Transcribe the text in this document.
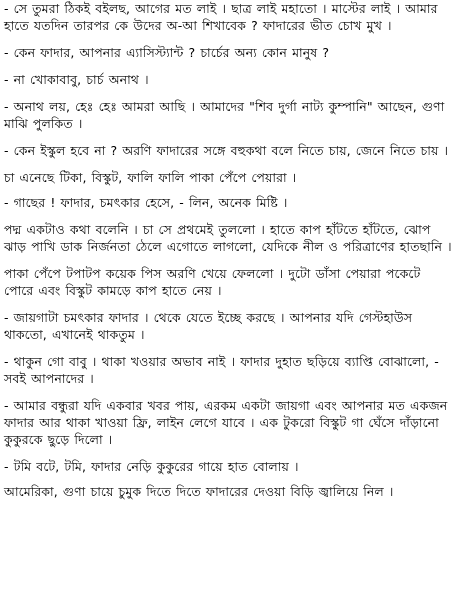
- সে তুমরা ঠিকই বইলছ, আগের মত লাই । ছাত্র লাই মহাতো । মাস্টের লাই । আমার হাতে যতদিন তারপর কে উদের অ-আ শিখাবেক ? ফাদারের ভীত চোখ মুখ ।

- কেন ফাদার, আপনার এ্যাসিস্ট্যান্ট ? চার্চের অন্য কোন মানুষ ?

- না খোকাবাবু, চার্চ অনাথ ।

- অনাথ লয়, হেঃ হেঃ আমরা আছি । আমাদের "শিব দুর্গা নাট্য কুম্পানি" আছেন, গুণা মাঝি পুলকিত ।

- কেন ইস্কুল হবে না ? অরণি ফাদারের সঙ্গে বহুকথা বলে নিতে চায়, জেনে নিতে চায় ।

চা এনেছে টিকা, বিস্কুট, ফালি ফালি পাকা পেঁপে পেয়ারা ।

- গাছের ! ফাদার, চমৎকার হেসে, - লিন, অনেক মিষ্টি ।

পদ্ম একটাও কথা বলেনি । চা সে প্রথমেই তুললো । হাতে কাপ হাঁটতে হাঁটতে, ঝোপ ঝাড় পাখি ডাক নির্জনতা ঠেলে এগোতে লাগলো, যেদিকে নীল ও পরিত্রাণের হাতছানি ।

পাকা পেঁপে টপাটপ কয়েক পিস অরণি খেয়ে ফেললো । দুটো ডাঁসা পেয়ারা পকেটে পোরে এবং বিস্কুট কামড়ে কাপ হাতে নেয় ।

- জায়গাটা চমৎকার ফাদার । থেকে যেতে ইচ্ছে করছে । আপনার যদি গেস্টহাউস থাকতো, এখানেই থাকতুম ।

- থাকুন গো বাবু । থাকা খওয়ার অভাব নাই । ফাদার দুহাত ছড়িয়ে ব্যাপ্তি বোঝালো, - সবই আপনাদের ।

- আমার বন্ধুরা যদি একবার খবর পায়, এরকম একটা জায়গা এবং আপনার মত একজন ফাদার আর থাকা খাওয়া ফ্রি, লাইন লেগে যাবে । এক টুকরো বিস্কুট গা ঘেঁসে দাঁড়ানো কুকুরকে ছুড়ে দিলো ।

- টমি বটে, টমি, ফাদার নেড়ি কুকুরের গায়ে হাত বোলায় ।

আমেরিকা, গুণা চায়ে চুমুক দিতে দিতে ফাদারের দেওয়া বিড়ি জ্বালিয়ে নিল ।
